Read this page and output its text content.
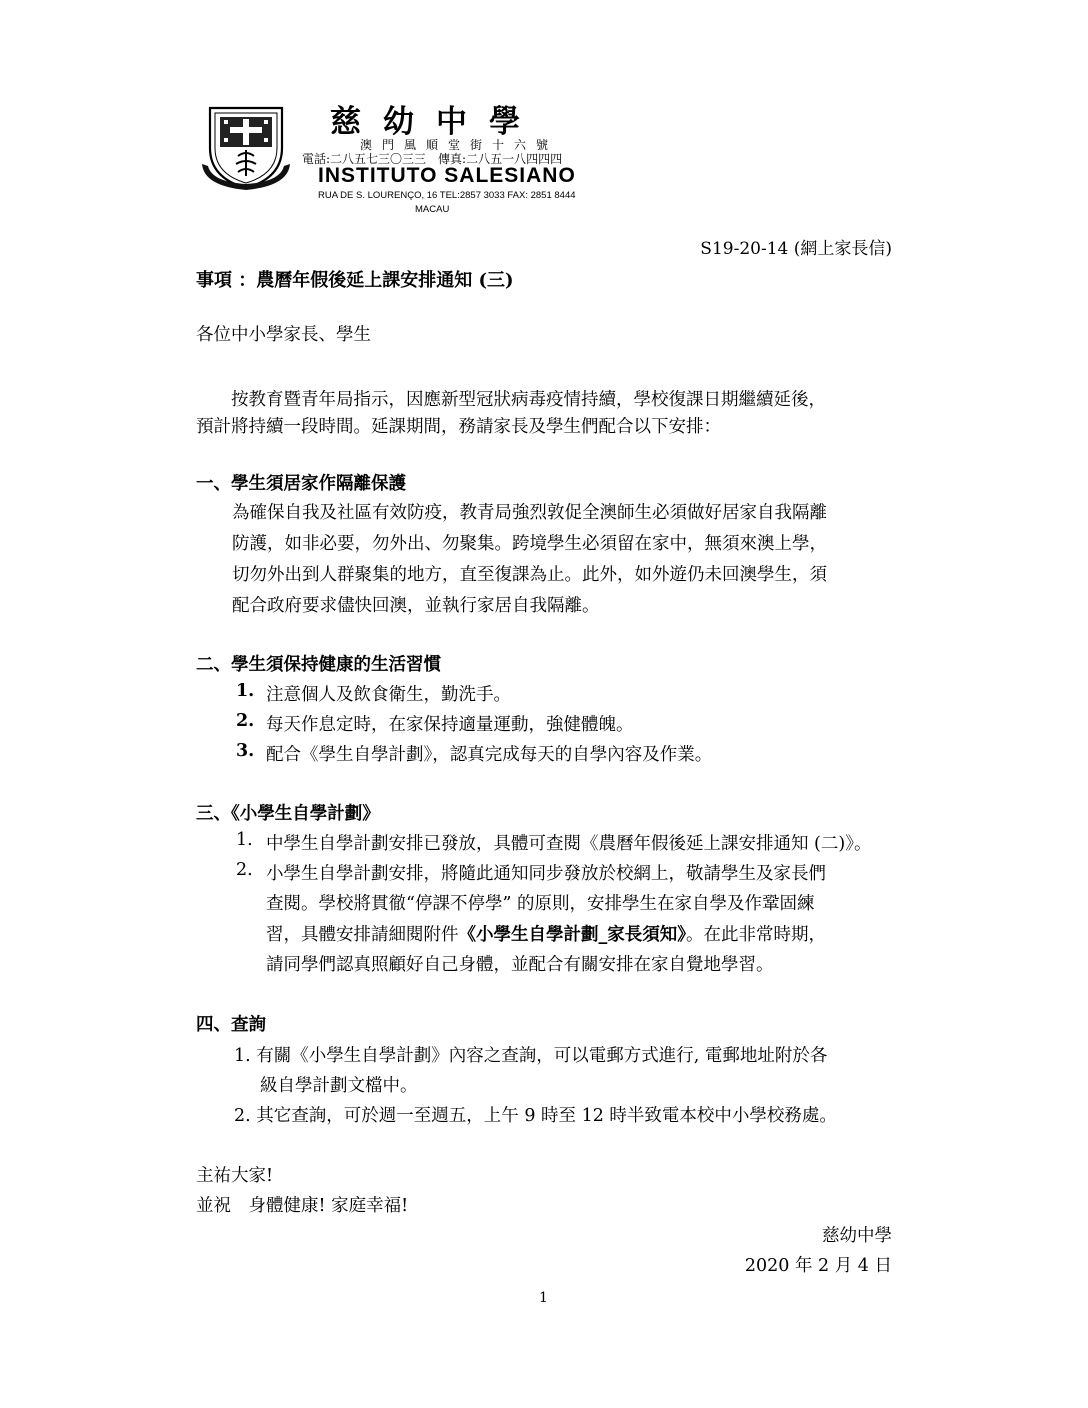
慈幼中學
澳門風順堂街十六號
電話:二八五七三〇三三　傳真:二八五一八四四四
INSTITUTO SALESIANO
RUA DE S. LOURENÇO, 16 TEL:2857 3033 FAX: 2851 8444
MACAU
S19-20-14 (網上家長信)
事項 ：農曆年假後延上課安排通知 (三)
各位中小學家長、學生
　　按教育暨青年局指示，因應新型冠狀病毒疫情持續，學校復課日期繼續延後，
預計將持續一段時間。延課期間，務請家長及學生們配合以下安排：
一、學生須居家作隔離保護
為確保自我及社區有效防疫，教青局強烈敦促全澳師生必須做好居家自我隔離
防護，如非必要，勿外出、勿聚集。跨境學生必須留在家中，無須來澳上學，
切勿外出到人群聚集的地方，直至復課為止。此外，如外遊仍未回澳學生，須
配合政府要求儘快回澳，並執行家居自我隔離。
二、學生須保持健康的生活習慣
1. 注意個人及飲食衛生，勤洗手。
2. 每天作息定時，在家保持適量運動，強健體魄。
3. 配合《學生自學計劃》，認真完成每天的自學內容及作業。
三、《小學生自學計劃》
1. 中學生自學計劃安排已發放，具體可查閱《農曆年假後延上課安排通知 (二)》。
2. 小學生自學計劃安排，將隨此通知同步發放於校網上，敬請學生及家長們
查閱。學校將貫徹“停課不停學” 的原則，安排學生在家自學及作鞏固練
習，具體安排請細閱附件《小學生自學計劃_家長須知》。在此非常時期，
請同學們認真照顧好自己身體，並配合有關安排在家自覺地學習。
四、查詢
1. 有關《小學生自學計劃》內容之查詢，可以電郵方式進行, 電郵地址附於各
級自學計劃文檔中。
2. 其它查詢，可於週一至週五，上午 9 時至 12 時半致電本校中小學校務處。
主祐大家!
並祝　身體健康! 家庭幸福!
慈幼中學
2020 年 2 月 4 日
1
